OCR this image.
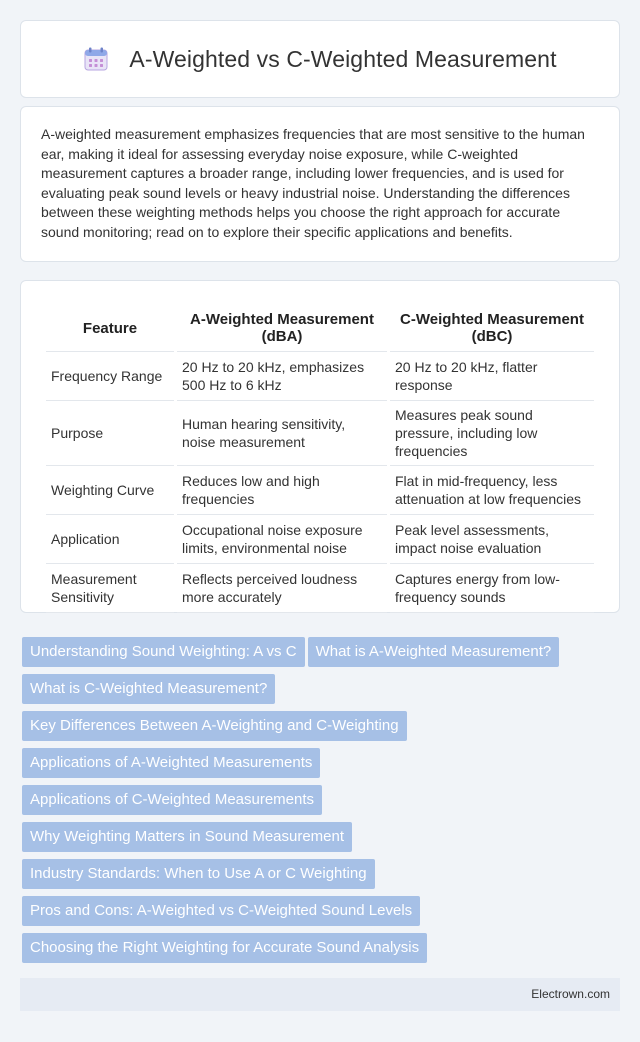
A-Weighted vs C-Weighted Measurement

A-weighted measurement emphasizes frequencies that are most sensitive to the human ear, making it ideal for assessing everyday noise exposure, while C-weighted measurement captures a broader range, including lower frequencies, and is used for evaluating peak sound levels or heavy industrial noise. Understanding the differences between these weighting methods helps you choose the right approach for accurate sound monitoring; read on to explore their specific applications and benefits.

Feature	A-Weighted Measurement (dBA)	C-Weighted Measurement (dBC)
Frequency Range	20 Hz to 20 kHz, emphasizes 500 Hz to 6 kHz	20 Hz to 20 kHz, flatter response
Purpose	Human hearing sensitivity, noise measurement	Measures peak sound pressure, including low frequencies
Weighting Curve	Reduces low and high frequencies	Flat in mid-frequency, less attenuation at low frequencies
Application	Occupational noise exposure limits, environmental noise	Peak level assessments, impact noise evaluation
Measurement Sensitivity	Reflects perceived loudness more accurately	Captures energy from low-frequency sounds
Understanding Sound Weighting: A vs C What is A-Weighted Measurement?
What is C-Weighted Measurement?
Key Differences Between A-Weighting and C-Weighting
Applications of A-Weighted Measurements
Applications of C-Weighted Measurements
Why Weighting Matters in Sound Measurement
Industry Standards: When to Use A or C Weighting
Pros and Cons: A-Weighted vs C-Weighted Sound Levels
Choosing the Right Weighting for Accurate Sound Analysis
Electrown.com
